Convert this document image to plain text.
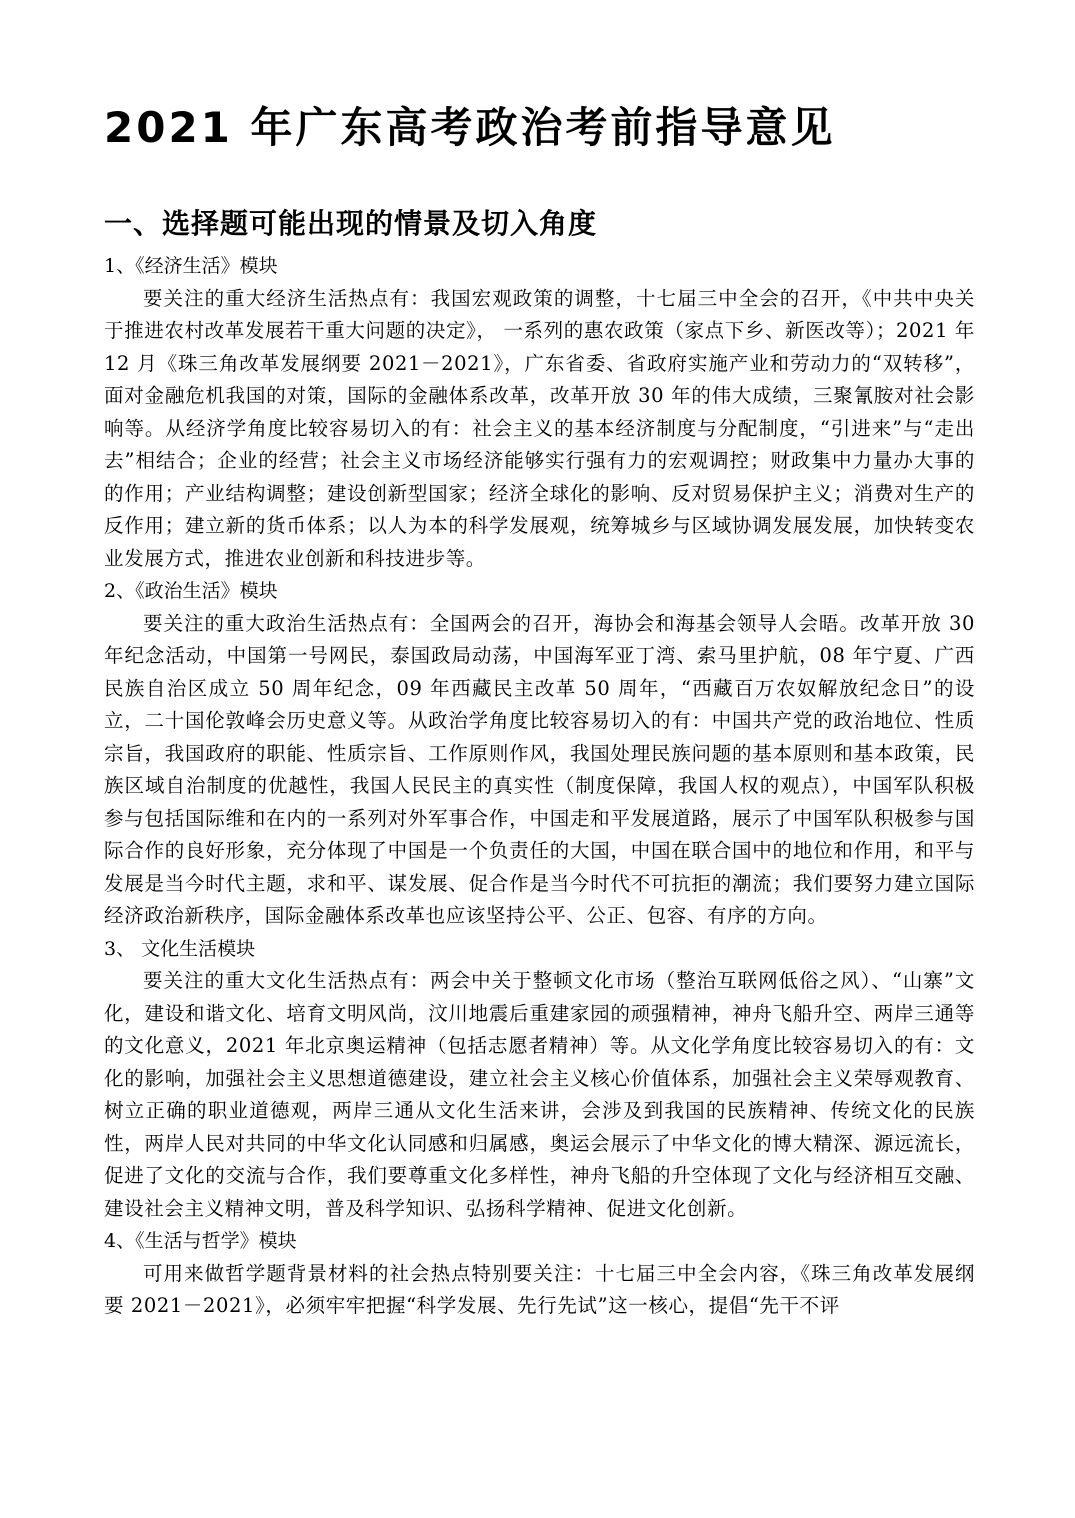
2021 年广东高考政治考前指导意见
一、选择题可能出现的情景及切入角度

1、《经济生活》模块

要关注的重大经济生活热点有：我国宏观政策的调整，十七届三中全会的召开，《中共中央关于推进农村改革发展若干重大问题的决定》， 一系列的惠农政策（家点下乡、新医改等）；2021 年 12 月《珠三角改革发展纲要 2021－2021》，广东省委、省政府实施产业和劳动力的“双转移”，面对金融危机我国的对策，国际的金融体系改革，改革开放 30 年的伟大成绩，三聚氰胺对社会影响等。从经济学角度比较容易切入的有：社会主义的基本经济制度与分配制度，“引进来”与“走出去”相结合；企业的经营；社会主义市场经济能够实行强有力的宏观调控；财政集中力量办大事的的作用；产业结构调整；建设创新型国家；经济全球化的影响、反对贸易保护主义；消费对生产的反作用；建立新的货币体系；以人为本的科学发展观，统筹城乡与区域协调发展发展，加快转变农业发展方式，推进农业创新和科技进步等。

2、《政治生活》模块

要关注的重大政治生活热点有：全国两会的召开，海协会和海基会领导人会晤。改革开放 30 年纪念活动，中国第一号网民，泰国政局动荡，中国海军亚丁湾、索马里护航，08 年宁夏、广西民族自治区成立 50 周年纪念，09 年西藏民主改革 50 周年，“西藏百万农奴解放纪念日”的设立，二十国伦敦峰会历史意义等。从政治学角度比较容易切入的有：中国共产党的政治地位、性质宗旨，我国政府的职能、性质宗旨、工作原则作风，我国处理民族问题的基本原则和基本政策，民族区域自治制度的优越性，我国人民民主的真实性（制度保障，我国人权的观点），中国军队积极参与包括国际维和在内的一系列对外军事合作，中国走和平发展道路，展示了中国军队积极参与国际合作的良好形象，充分体现了中国是一个负责任的大国，中国在联合国中的地位和作用，和平与发展是当今时代主题，求和平、谋发展、促合作是当今时代不可抗拒的潮流；我们要努力建立国际经济政治新秩序，国际金融体系改革也应该坚持公平、公正、包容、有序的方向。

3、 文化生活模块

要关注的重大文化生活热点有：两会中关于整顿文化市场（整治互联网低俗之风）、“山寨”文化，建设和谐文化、培育文明风尚，汶川地震后重建家园的顽强精神，神舟飞船升空、两岸三通等的文化意义，2021 年北京奥运精神（包括志愿者精神）等。从文化学角度比较容易切入的有：文化的影响，加强社会主义思想道德建设，建立社会主义核心价值体系，加强社会主义荣辱观教育、树立正确的职业道德观，两岸三通从文化生活来讲，会涉及到我国的民族精神、传统文化的民族性，两岸人民对共同的中华文化认同感和归属感，奥运会展示了中华文化的博大精深、源远流长，促进了文化的交流与合作，我们要尊重文化多样性，神舟飞船的升空体现了文化与经济相互交融、建设社会主义精神文明，普及科学知识、弘扬科学精神、促进文化创新。

4、《生活与哲学》模块

可用来做哲学题背景材料的社会热点特别要关注：十七届三中全会内容，《珠三角改革发展纲要 2021－2021》，必须牢牢把握“科学发展、先行先试”这一核心，提倡“先干不评
